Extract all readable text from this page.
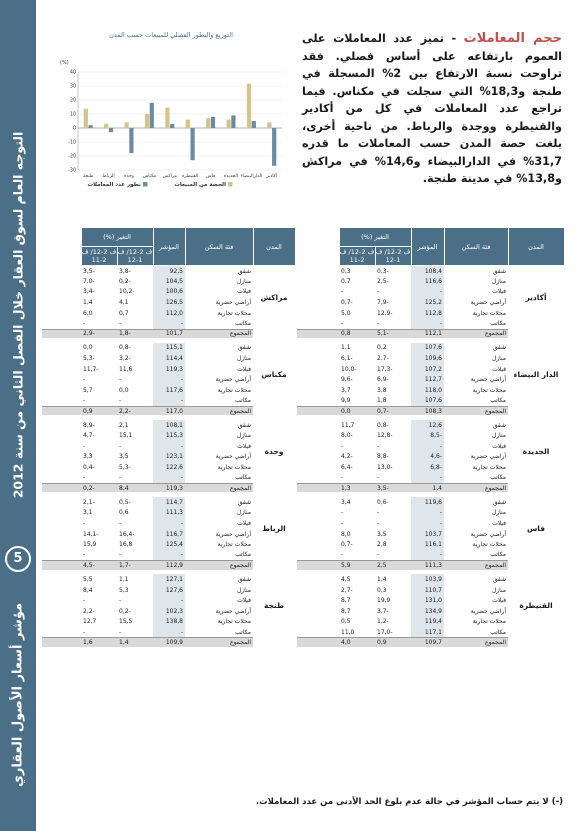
التوجه العام لسوق العقار خلال الفصل الثاني من سنة 2012
5
مؤشر أسعار الأصول العقاري
حجم المعاملات - تميز عدد المعاملات على العموم بارتفاعه على أساس فصلي. فقد تراوحت نسبة الارتفاع بين 2% المسجلة في طنجة و18,3% التي سجلت في مكناس. فيما تراجع عدد المعاملات في كل من أكادير والقنيطرة ووجدة والرباط. من ناحية أخرى، بلغت حصة المدن حسب المعاملات ما قدره 31,7% في الدارالبيضاء و14,6% في مراكش و13,8% في مدينة طنجة.
التوزيع والتطور الفصلي للمبيعات حسب المدن
(%)
40
30
20
10
0
-10
-20
-30
أكادير
الدارالبيضاء
الجديدة
فاس
القنيطرة
مراكش
مكناس
وجدة
الرباط
طنجة
الحصة من المبيعات
تطور عدد المعاملات
المدن	فئة السكن	المؤشر	التغير (%)		
			ف 2-12/ ف 1-12	ف 2-12/ ف 2-11	
أكادير	شقق	108,4	-0,3	0,3	
	منازل	116,6	-2,5	0,7	
	فيلات	-	-	-	
	أراضي حضرية	125,2	-7,9	-0,7	
	محلات تجارية	112,8	-12,9	5,0	
	مكاتب	-	-	-	
	المجموع	112,1	-5,1	0,8	

الدار البيضاء	شقق	107,6	0,2	1,1	
	منازل	109,6	-2,7	-6,1	
	فيلات	107,2	-17,3	-10,0	
	أراضي حضرية	112,7	-6,9	-9,6	
	محلات تجارية	118,0	3,8	3,7	
	مكاتب	107,6	1,8	9,9	
	المجموع	108,3	-0,7	0,0	

الجديدة	شقق	12,6	-0,8	11,7	
	منازل	-8,5	-12,8	-8,0	
	فيلات	-	-	-	
	أراضي حضرية	-4,6	-8,8	-4,2	
	محلات تجارية	-6,8	-13,0	-6,4	
	مكاتب	-	-	-	
	المجموع	1,4	-3,5	1,3	

فاس	شقق	119,6	-0,6	3,4	
	منازل	-	-	-	
	فيلات	-	-	-	
	أراضي حضرية	103,7	3,5	8,0	
	محلات تجارية	116,1	2,8	-0,7	
	مكاتب	-	-	-	
	المجموع	111,3	2,5	5,9	

القنيطرة	شقق	103,9	1,4	4,5	
	منازل	110,7	0,3	-2,7	
	فيلات	131,0	19,9	8,7	
	أراضي حضرية	134,9	-3,7	8,7	
	محلات تجارية	119,4	-1,2	0,5	
	مكاتب	117,1	-17,0	11,0	
	المجموع	109,7	0,9	4,0	
المدن	فئة السكن	المؤشر	التغير (%)		
			ف 2-12/ ف 1-12	ف 2-12/ ف 2-11	
مراكش	شقق	92,5	-3,8	-3,5	
	منازل	104,5	-0,2	-7,0	
	فيلات	100,6	-10,2	-3,4	
	أراضي حضرية	126,5	4,1	1,4	
	محلات تجارية	112,0	0,7	6,0	
	مكاتب	-	-	-	
	المجموع	101,7	-1,8	-2,9	

مكناس	شقق	115,1	-0,8	0,0	
	منازل	114,4	-3,2	-5,3	
	فيلات	119,3	11,6	-11,7	
	أراضي حضرية	-	-	-	
	محلات تجارية	117,6	0,0	5,7	
	مكاتب	-	-	-	
	المجموع	117,0	-2,2	0,9	

وجدة	شقق	108,1	2,1	-8,9	
	منازل	115,3	15,1	-4,7	
	فيلات	-	-	-	
	أراضي حضرية	123,1	3,5	3,3	
	محلات تجارية	122,6	-5,3	-0,4	
	مكاتب	-	-	-	
	المجموع	119,3	8,4	-0,2	

الرباط	شقق	114,7	-0,5	-2,1	
	منازل	111,3	0,6	3,1	
	فيلات	-	-	-	
	أراضي حضرية	116,7	-16,4	-14,1	
	محلات تجارية	125,4	16,8	15,9	
	مكاتب	-	-	-	
	المجموع	112,9	-1,7	-4,5	

طنجة	شقق	127,1	1,1	5,5	
	منازل	127,6	5,3	8,4	
	فيلات	-	-	-	
	أراضي حضرية	102,3	-0,2	-2,2	
	محلات تجارية	138,8	15,5	12,7	
	مكاتب	-	-	-	
	المجموع	109,9	1,4	1,6	
(-) لا يتم حساب المؤشر في حالة عدم بلوغ الحد الأدنى من عدد المعاملات.
